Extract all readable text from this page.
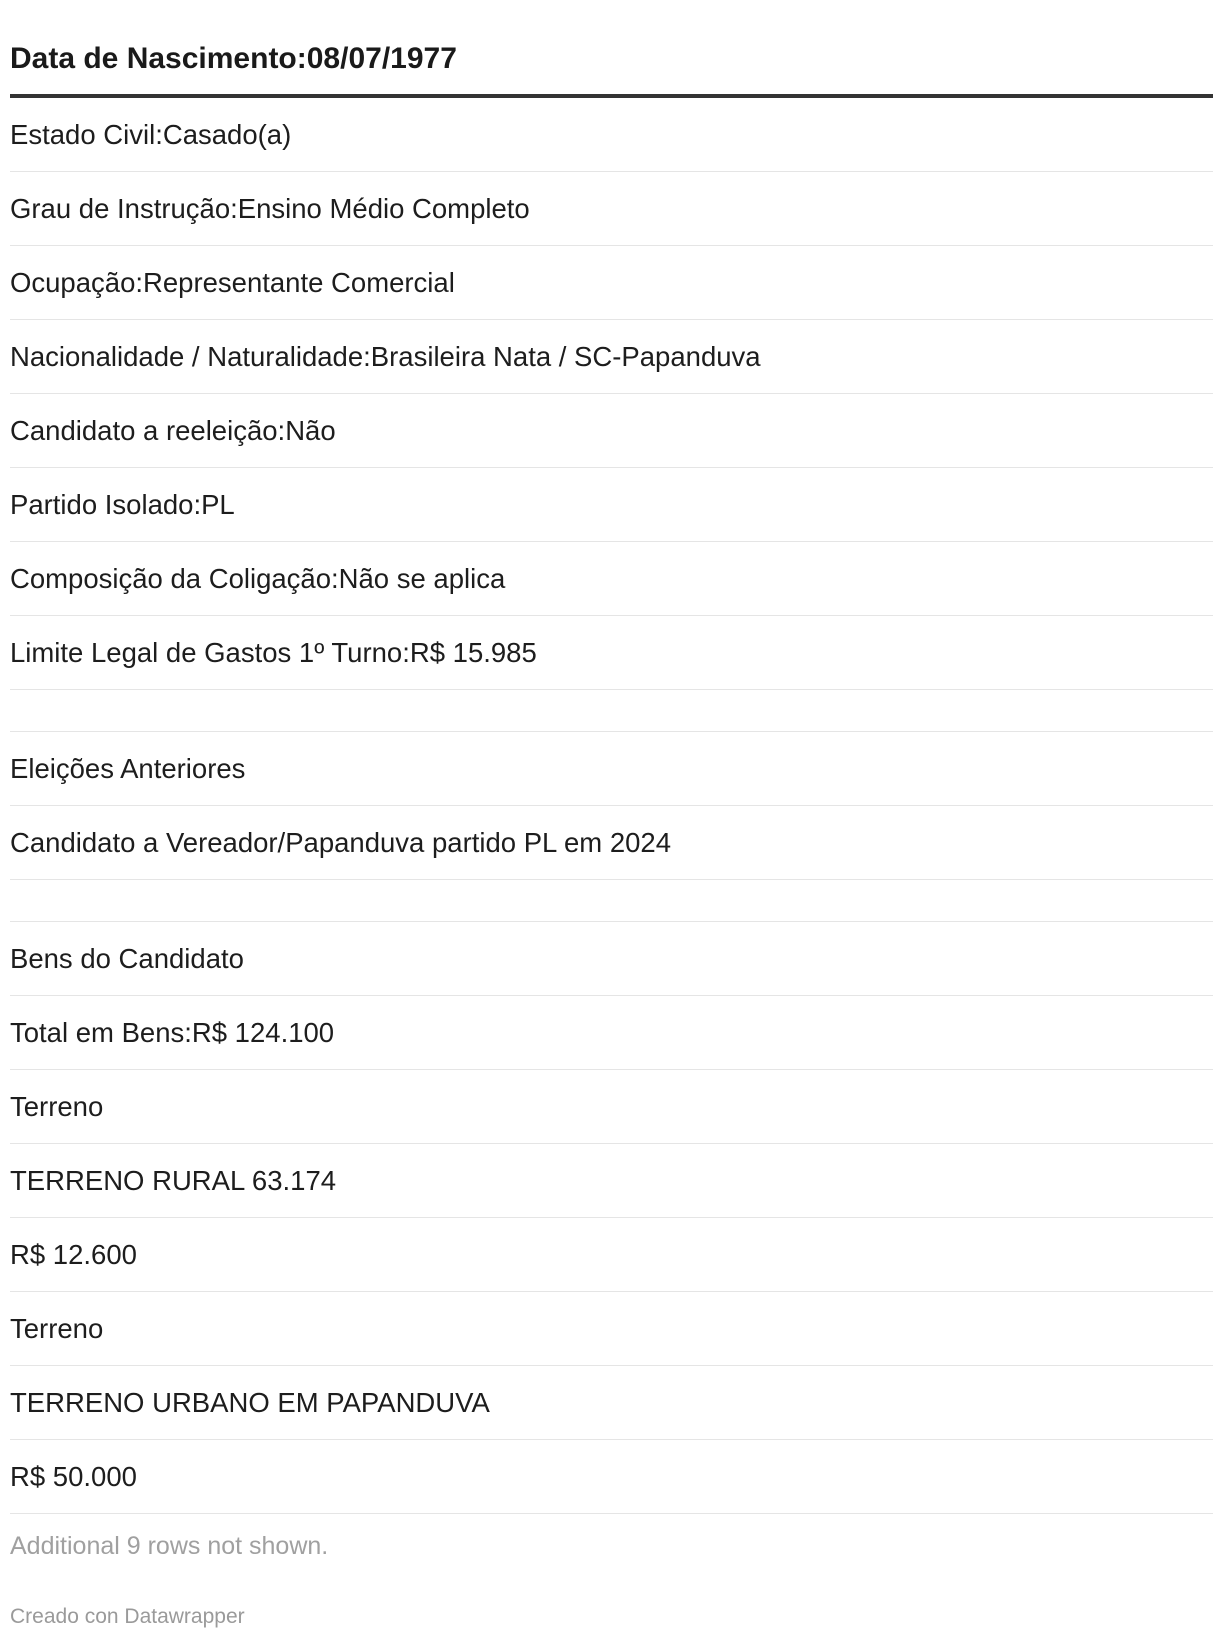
Data de Nascimento:08/07/1977
Estado Civil:Casado(a)
Grau de Instrução:Ensino Médio Completo
Ocupação:Representante Comercial
Nacionalidade / Naturalidade:Brasileira Nata / SC-Papanduva
Candidato a reeleição:Não
Partido Isolado:PL
Composição da Coligação:Não se aplica
Limite Legal de Gastos 1º Turno:R$ 15.985
Eleições Anteriores
Candidato a Vereador/Papanduva partido PL em 2024
Bens do Candidato
Total em Bens:R$ 124.100
Terreno
TERRENO RURAL 63.174
R$ 12.600
Terreno
TERRENO URBANO EM PAPANDUVA
R$ 50.000
Additional 9 rows not shown.
Creado con Datawrapper
